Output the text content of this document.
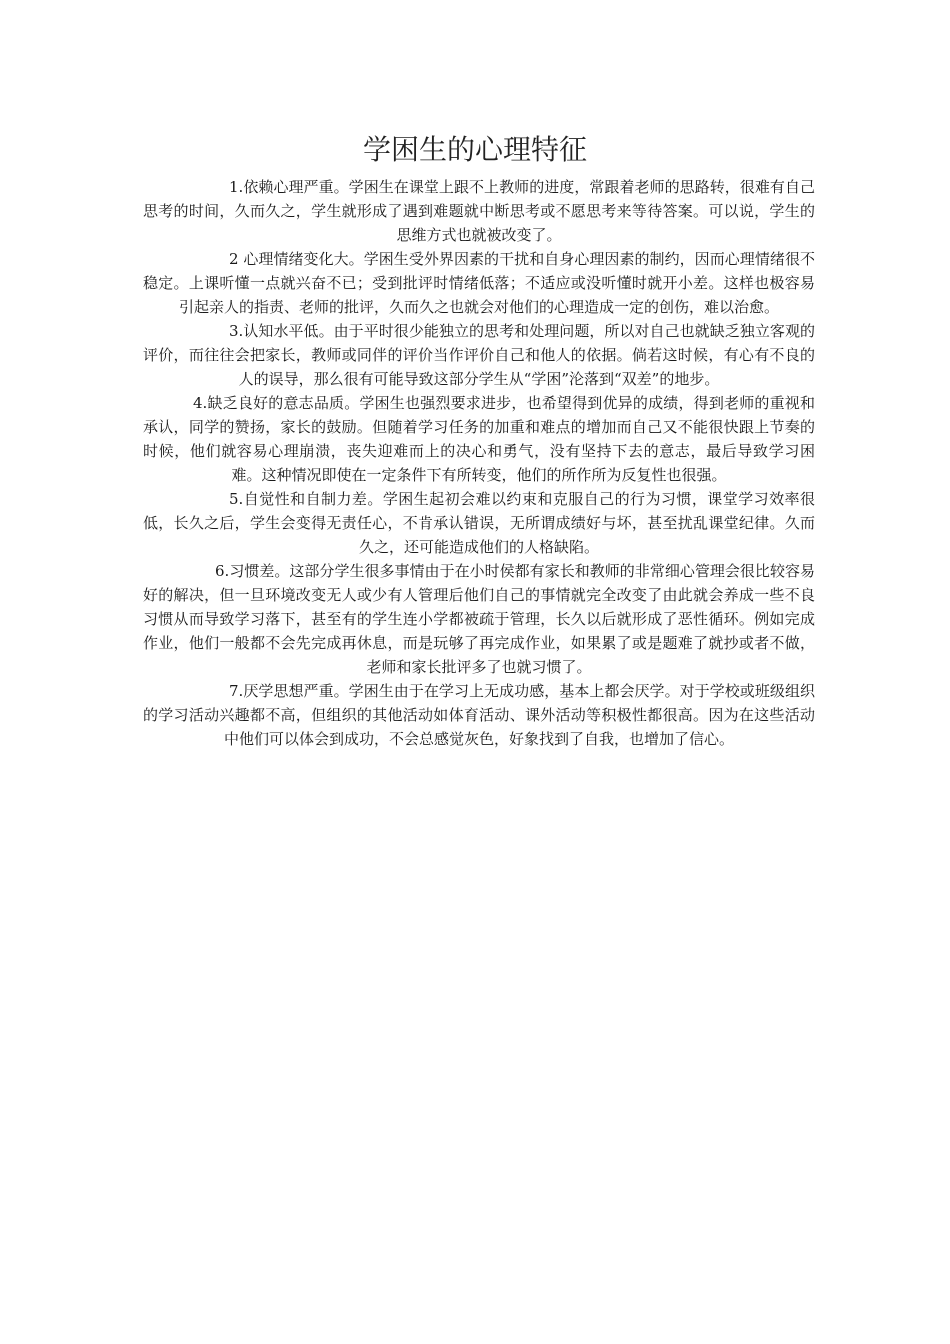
学困生的心理特征

1.依赖心理严重。学困生在课堂上跟不上教师的进度，常跟着老师的思路转，很难有自己思考的时间，久而久之，学生就形成了遇到难题就中断思考或不愿思考来等待答案。可以说，学生的思维方式也就被改变了。

2 心理情绪变化大。学困生受外界因素的干扰和自身心理因素的制约，因而心理情绪很不稳定。上课听懂一点就兴奋不已；受到批评时情绪低落；不适应或没听懂时就开小差。这样也极容易引起亲人的指责、老师的批评，久而久之也就会对他们的心理造成一定的创伤，难以治愈。

3.认知水平低。由于平时很少能独立的思考和处理问题，所以对自己也就缺乏独立客观的评价，而往往会把家长，教师或同伴的评价当作评价自己和他人的依据。倘若这时候，有心有不良的人的误导，那么很有可能导致这部分学生从“学困”沦落到“双差”的地步。

4.缺乏良好的意志品质。学困生也强烈要求进步，也希望得到优异的成绩，得到老师的重视和承认，同学的赞扬，家长的鼓励。但随着学习任务的加重和难点的增加而自己又不能很快跟上节奏的时候，他们就容易心理崩溃，丧失迎难而上的决心和勇气，没有坚持下去的意志，最后导致学习困难。这种情况即使在一定条件下有所转变，他们的所作所为反复性也很强。

5.自觉性和自制力差。学困生起初会难以约束和克服自己的行为习惯，课堂学习效率很低，长久之后，学生会变得无责任心，不肯承认错误，无所谓成绩好与坏，甚至扰乱课堂纪律。久而久之，还可能造成他们的人格缺陷。

6.习惯差。这部分学生很多事情由于在小时侯都有家长和教师的非常细心管理会很比较容易好的解决，但一旦环境改变无人或少有人管理后他们自己的事情就完全改变了由此就会养成一些不良习惯从而导致学习落下，甚至有的学生连小学都被疏于管理，长久以后就形成了恶性循环。例如完成作业，他们一般都不会先完成再休息，而是玩够了再完成作业，如果累了或是题难了就抄或者不做，老师和家长批评多了也就习惯了。

7.厌学思想严重。学困生由于在学习上无成功感，基本上都会厌学。对于学校或班级组织的学习活动兴趣都不高，但组织的其他活动如体育活动、课外活动等积极性都很高。因为在这些活动中他们可以体会到成功，不会总感觉灰色，好象找到了自我，也增加了信心。
